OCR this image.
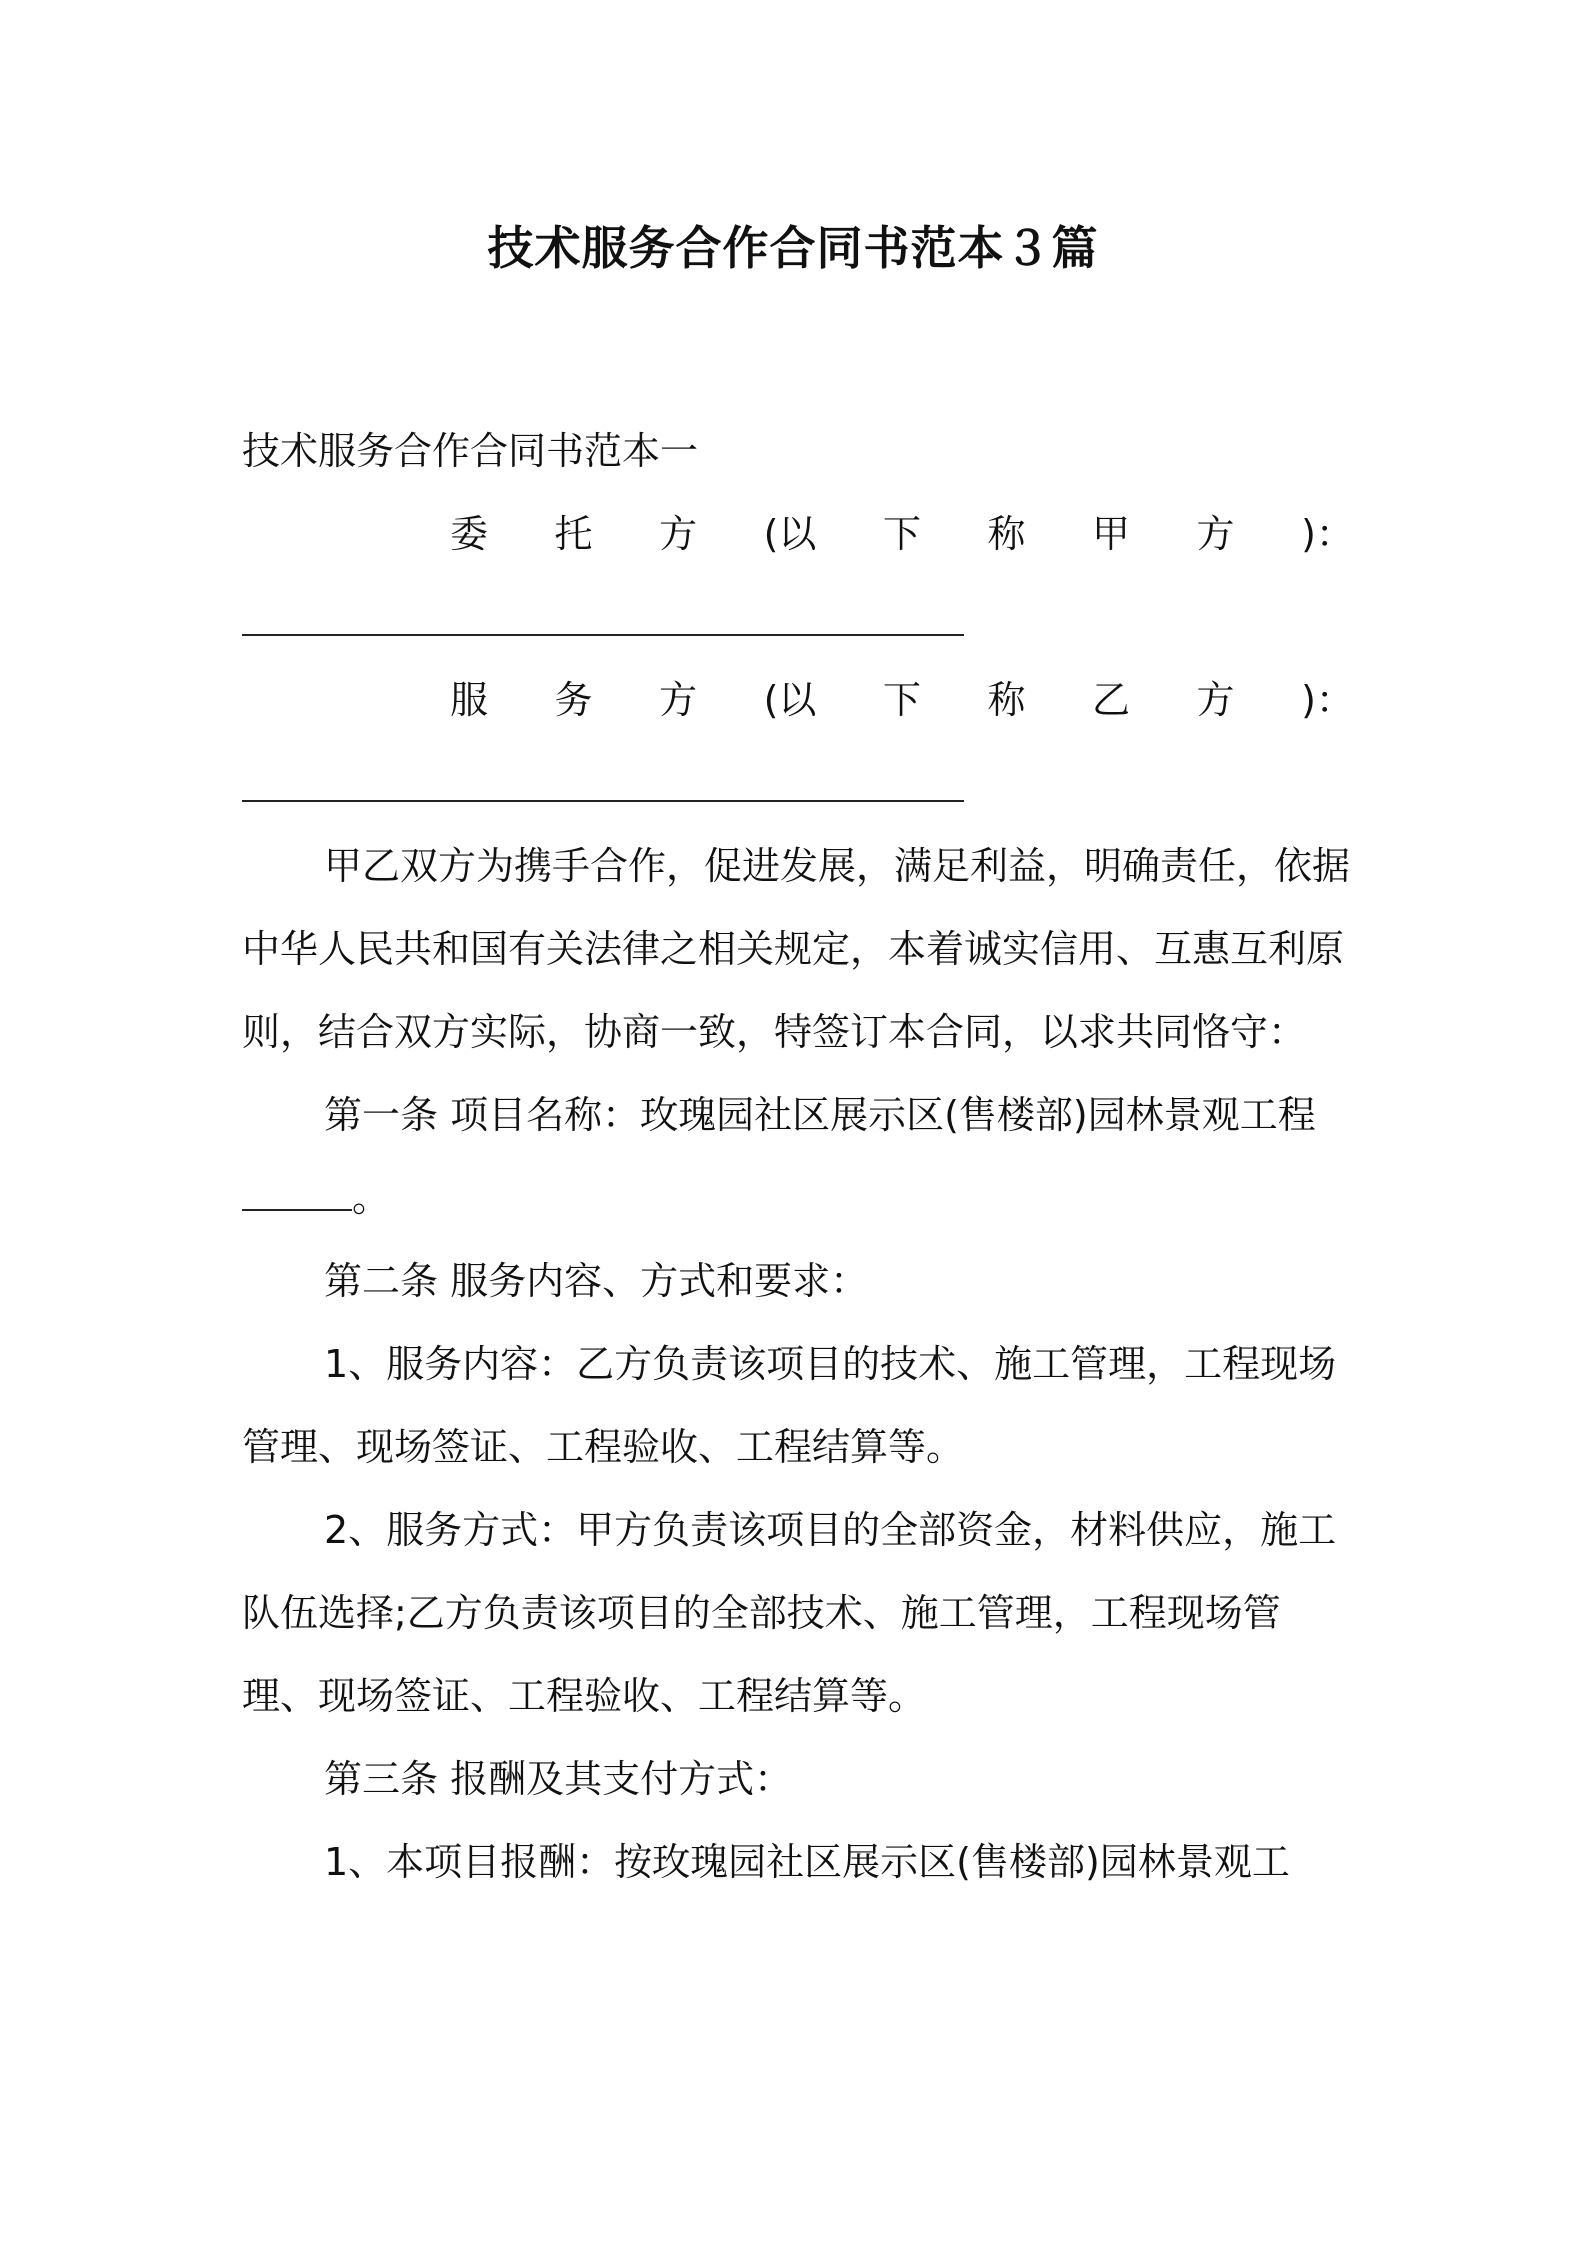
技术服务合作合同书范本３篇

技术服务合作合同书范本一

委 托 方 (以 下 称 甲 方 )：
服 务 方 (以 下 称 乙 方 )：

甲乙双方为携手合作，促进发展，满足利益，明确责任，依据中华人民共和国有关法律之相关规定，本着诚实信用、互惠互利原则，结合双方实际，协商一致，特签订本合同，以求共同恪守：

第一条 项目名称：玫瑰园社区展示区(售楼部)园林景观工程。

第二条 服务内容、方式和要求：

1、服务内容：乙方负责该项目的技术、施工管理，工程现场管理、现场签证、工程验收、工程结算等。

2、服务方式：甲方负责该项目的全部资金，材料供应，施工队伍选择;乙方负责该项目的全部技术、施工管理，工程现场管理、现场签证、工程验收、工程结算等。

第三条 报酬及其支付方式：

1、本项目报酬：按玫瑰园社区展示区(售楼部)园林景观工
